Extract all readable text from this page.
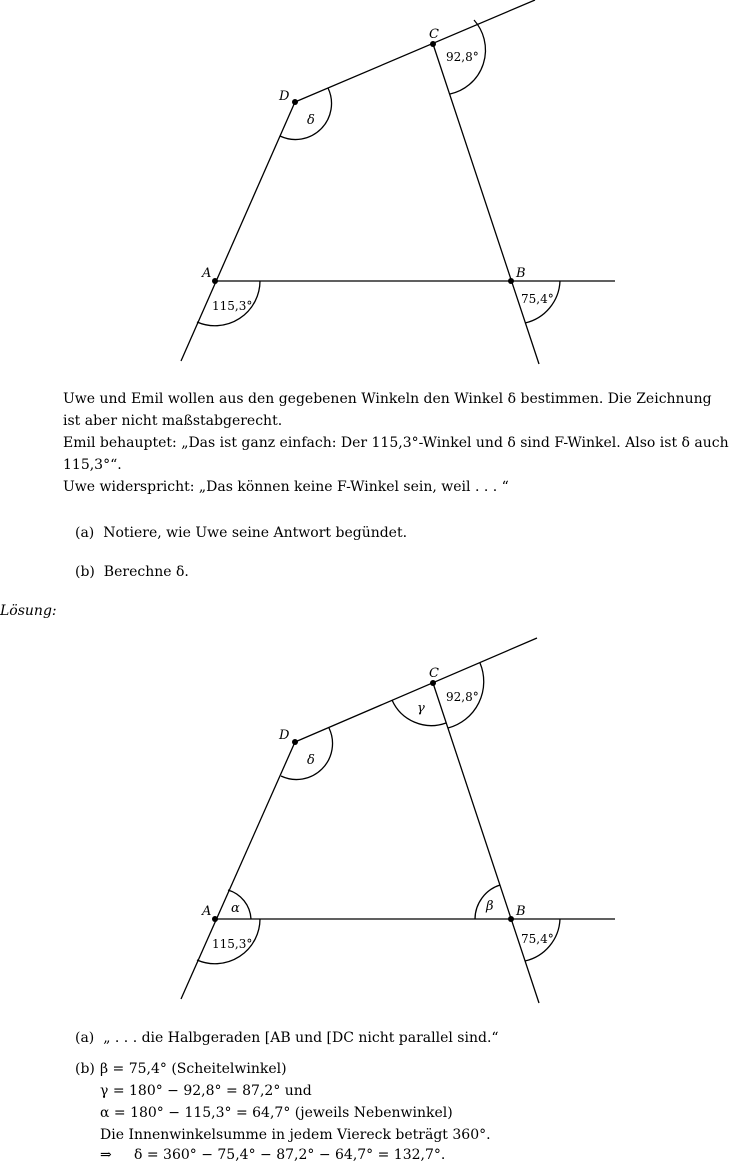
A	B
C
D
δ
115,3°	75,4°
92,8°
Uwe und Emil wollen aus den gegebenen Winkeln den Winkel δ bestimmen. Die Zeichnung ist aber nicht maßstabgerecht.
Emil behauptet: „Das ist ganz einfach: Der 115,3°-Winkel und δ sind F-Winkel. Also ist δ auch 115,3°“.
Uwe widerspricht: „Das können keine F-Winkel sein, weil . . . “
(a) Notiere, wie Uwe seine Antwort begündet.
(b) Berechne δ.
Lösung:
A	B
C
D
δ
α	β
γ
115,3°	75,4°
92,8°
(a) „ . . . die Halbgeraden [AB und [DC nicht parallel sind.“
(b) β = 75,4° (Scheitelwinkel)
γ = 180° − 92,8° = 87,2° und
α = 180° − 115,3° = 64,7° (jeweils Nebenwinkel)
Die Innenwinkelsumme in jedem Viereck beträgt 360°.
⇒     δ = 360° − 75,4° − 87,2° − 64,7° = 132,7°.
